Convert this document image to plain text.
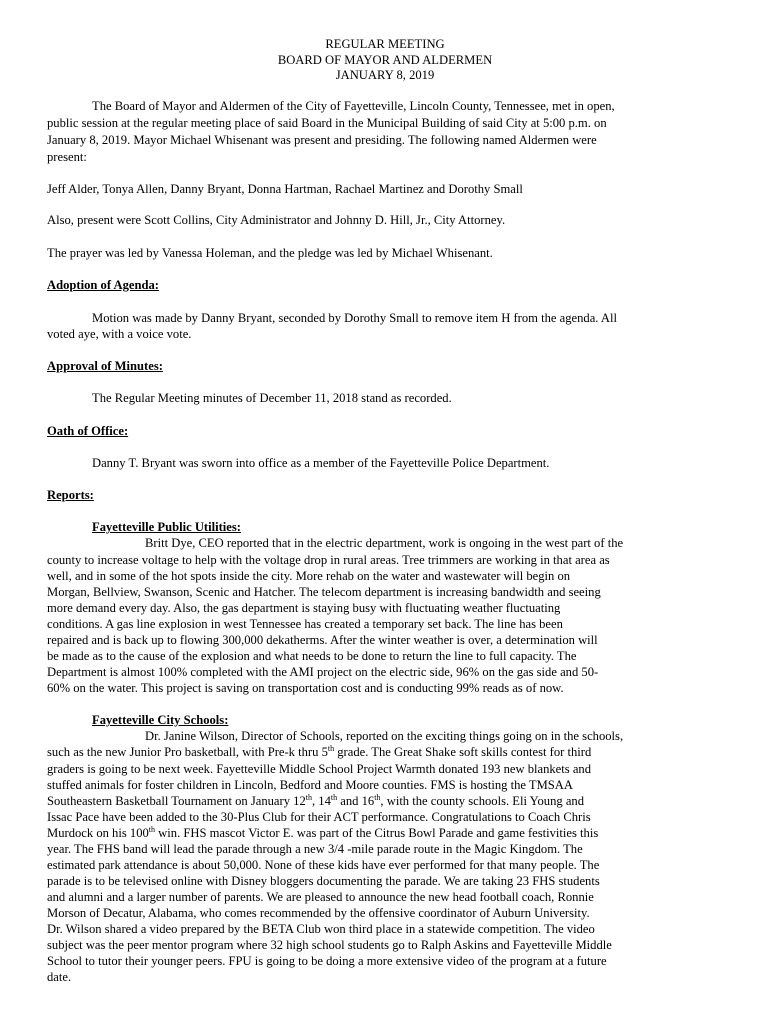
REGULAR MEETING
BOARD OF MAYOR AND ALDERMEN
JANUARY 8, 2019
The Board of Mayor and Aldermen of the City of Fayetteville, Lincoln County, Tennessee, met in open,
public session at the regular meeting place of said Board in the Municipal Building of said City at 5:00 p.m. on
January 8, 2019. Mayor Michael Whisenant was present and presiding. The following named Aldermen were
present:
Jeff Alder, Tonya Allen, Danny Bryant, Donna Hartman, Rachael Martinez and Dorothy Small
Also, present were Scott Collins, City Administrator and Johnny D. Hill, Jr., City Attorney.
The prayer was led by Vanessa Holeman, and the pledge was led by Michael Whisenant.
Adoption of Agenda:
Motion was made by Danny Bryant, seconded by Dorothy Small to remove item H from the agenda. All
voted aye, with a voice vote.
Approval of Minutes:
The Regular Meeting minutes of December 11, 2018 stand as recorded.
Oath of Office:
Danny T. Bryant was sworn into office as a member of the Fayetteville Police Department.
Reports:
Fayetteville Public Utilities:
Britt Dye, CEO reported that in the electric department, work is ongoing in the west part of the
county to increase voltage to help with the voltage drop in rural areas. Tree trimmers are working in that area as
well, and in some of the hot spots inside the city. More rehab on the water and wastewater will begin on
Morgan, Bellview, Swanson, Scenic and Hatcher. The telecom department is increasing bandwidth and seeing
more demand every day. Also, the gas department is staying busy with fluctuating weather fluctuating
conditions. A gas line explosion in west Tennessee has created a temporary set back. The line has been
repaired and is back up to flowing 300,000 dekatherms. After the winter weather is over, a determination will
be made as to the cause of the explosion and what needs to be done to return the line to full capacity. The
Department is almost 100% completed with the AMI project on the electric side, 96% on the gas side and 50-
60% on the water. This project is saving on transportation cost and is conducting 99% reads as of now.
Fayetteville City Schools:
Dr. Janine Wilson, Director of Schools, reported on the exciting things going on in the schools,
such as the new Junior Pro basketball, with Pre-k thru 5th grade. The Great Shake soft skills contest for third
graders is going to be next week. Fayetteville Middle School Project Warmth donated 193 new blankets and
stuffed animals for foster children in Lincoln, Bedford and Moore counties. FMS is hosting the TMSAA
Southeastern Basketball Tournament on January 12th, 14th and 16th, with the county schools. Eli Young and
Issac Pace have been added to the 30-Plus Club for their ACT performance. Congratulations to Coach Chris
Murdock on his 100th win. FHS mascot Victor E. was part of the Citrus Bowl Parade and game festivities this
year. The FHS band will lead the parade through a new 3/4 -mile parade route in the Magic Kingdom. The
estimated park attendance is about 50,000. None of these kids have ever performed for that many people. The
parade is to be televised online with Disney bloggers documenting the parade. We are taking 23 FHS students
and alumni and a larger number of parents. We are pleased to announce the new head football coach, Ronnie
Morson of Decatur, Alabama, who comes recommended by the offensive coordinator of Auburn University.
Dr. Wilson shared a video prepared by the BETA Club won third place in a statewide competition. The video
subject was the peer mentor program where 32 high school students go to Ralph Askins and Fayetteville Middle
School to tutor their younger peers. FPU is going to be doing a more extensive video of the program at a future
date.
